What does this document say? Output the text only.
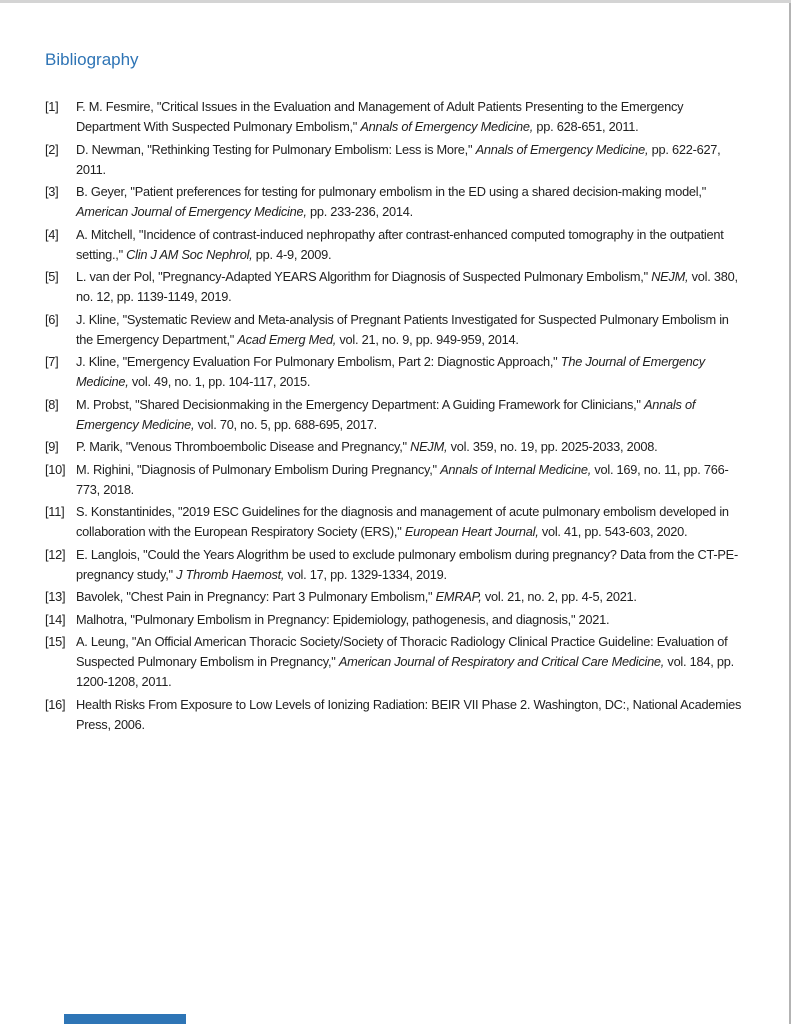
Bibliography
[1] F. M. Fesmire, "Critical Issues in the Evaluation and Management of Adult Patients Presenting to the Emergency Department With Suspected Pulmonary Embolism," Annals of Emergency Medicine, pp. 628-651, 2011.
[2] D. Newman, "Rethinking Testing for Pulmonary Embolism: Less is More," Annals of Emergency Medicine, pp. 622-627, 2011.
[3] B. Geyer, "Patient preferences for testing for pulmonary embolism in the ED using a shared decision-making model," American Journal of Emergency Medicine, pp. 233-236, 2014.
[4] A. Mitchell, "Incidence of contrast-induced nephropathy after contrast-enhanced computed tomography in the outpatient setting.," Clin J AM Soc Nephrol, pp. 4-9, 2009.
[5] L. van der Pol, "Pregnancy-Adapted YEARS Algorithm for Diagnosis of Suspected Pulmonary Embolism," NEJM, vol. 380, no. 12, pp. 1139-1149, 2019.
[6] J. Kline, "Systematic Review and Meta-analysis of Pregnant Patients Investigated for Suspected Pulmonary Embolism in the Emergency Department," Acad Emerg Med, vol. 21, no. 9, pp. 949-959, 2014.
[7] J. Kline, "Emergency Evaluation For Pulmonary Embolism, Part 2: Diagnostic Approach," The Journal of Emergency Medicine, vol. 49, no. 1, pp. 104-117, 2015.
[8] M. Probst, "Shared Decisionmaking in the Emergency Department: A Guiding Framework for Clinicians," Annals of Emergency Medicine, vol. 70, no. 5, pp. 688-695, 2017.
[9] P. Marik, "Venous Thromboembolic Disease and Pregnancy," NEJM, vol. 359, no. 19, pp. 2025-2033, 2008.
[10] M. Righini, "Diagnosis of Pulmonary Embolism During Pregnancy," Annals of Internal Medicine, vol. 169, no. 11, pp. 766-773, 2018.
[11] S. Konstantinides, "2019 ESC Guidelines for the diagnosis and management of acute pulmonary embolism developed in collaboration with the European Respiratory Society (ERS)," European Heart Journal, vol. 41, pp. 543-603, 2020.
[12] E. Langlois, "Could the Years Alogrithm be used to exclude pulmonary embolism during pregnancy? Data from the CT-PE-pregnancy study," J Thromb Haemost, vol. 17, pp. 1329-1334, 2019.
[13] Bavolek, "Chest Pain in Pregnancy: Part 3 Pulmonary Embolism," EMRAP, vol. 21, no. 2, pp. 4-5, 2021.
[14] Malhotra, "Pulmonary Embolism in Pregnancy: Epidemiology, pathogenesis, and diagnosis," 2021.
[15] A. Leung, "An Official American Thoracic Society/Society of Thoracic Radiology Clinical Practice Guideline: Evaluation of Suspected Pulmonary Embolism in Pregnancy," American Journal of Respiratory and Critical Care Medicine, vol. 184, pp. 1200-1208, 2011.
[16] Health Risks From Exposure to Low Levels of Ionizing Radiation: BEIR VII Phase 2. Washington, DC:, National Academies Press, 2006.
